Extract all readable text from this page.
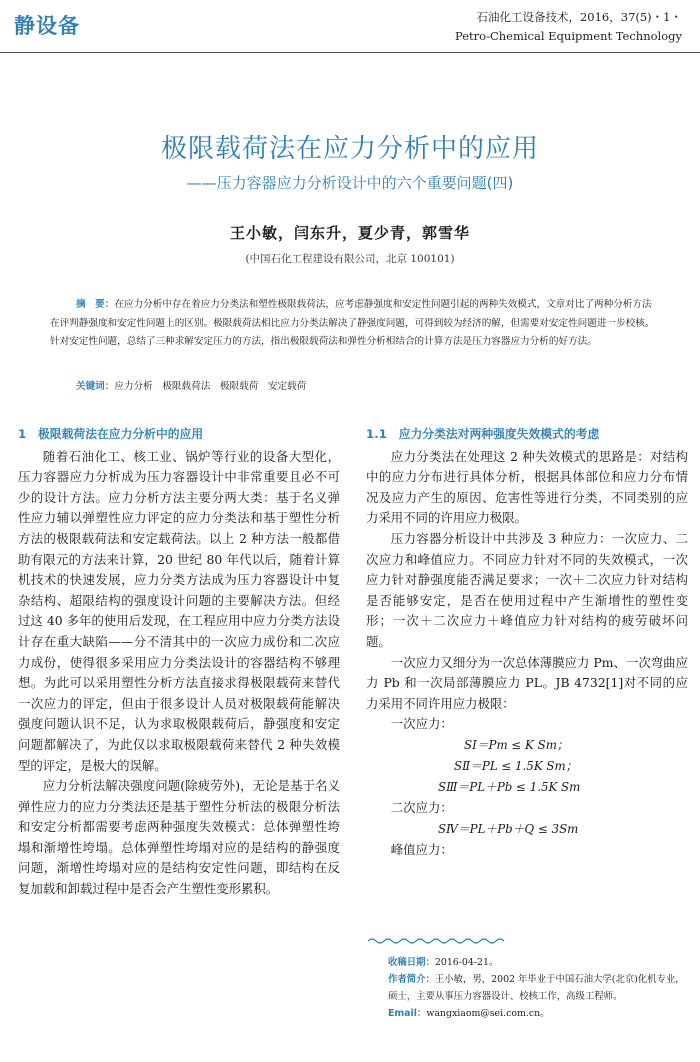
静设备	石油化工设备技术，2016，37(5)・1・
Petro-Chemical Equipment Technology
极限载荷法在应力分析中的应用
——压力容器应力分析设计中的六个重要问题(四)
王小敏，闫东升，夏少青，郭雪华
(中国石化工程建设有限公司，北京 100101)
摘　要：在应力分析中存在着应力分类法和塑性极限载荷法，应考虑静强度和安定性问题引起的两种失效模式，文章对比了两种分析方法在评判静强度和安定性问题上的区别。极限载荷法相比应力分类法解决了静强度问题，可得到较为经济的解，但需要对安定性问题进一步校核。针对安定性问题，总结了三种求解安定压力的方法，指出极限载荷法和弹性分析相结合的计算方法是压力容器应力分析的好方法。
关键词：应力分析　极限载荷法　极限载荷　安定载荷
1　极限载荷法在应力分析中的应用

随着石油化工、核工业、锅炉等行业的设备大型化，压力容器应力分析成为压力容器设计中非常重要且必不可少的设计方法。应力分析方法主要分两大类：基于名义弹性应力辅以弹塑性应力评定的应力分类法和基于塑性分析方法的极限载荷法和安定载荷法。以上 2 种方法一般都借助有限元的方法来计算，20 世纪 80 年代以后，随着计算机技术的快速发展，应力分类方法成为压力容器设计中复杂结构、超限结构的强度设计问题的主要解决方法。但经过这 40 多年的使用后发现，在工程应用中应力分类方法设计存在重大缺陷——分不清其中的一次应力成份和二次应力成份，使得很多采用应力分类法设计的容器结构不够理想。为此可以采用塑性分析方法直接求得极限载荷来替代一次应力的评定，但由于很多设计人员对极限载荷能解决强度问题认识不足，认为求取极限载荷后，静强度和安定问题都解决了，为此仅以求取极限载荷来替代 2 种失效模型的评定，是极大的误解。

应力分析法解决强度问题(除疲劳外)，无论是基于名义弹性应力的应力分类法还是基于塑性分析法的极限分析法和安定分析都需要考虑两种强度失效模式：总体弹塑性垮塌和渐增性垮塌。总体弹塑性垮塌对应的是结构的静强度问题，渐增性垮塌对应的是结构安定性问题，即结构在反复加载和卸载过程中是否会产生塑性变形累积。

1.1　应力分类法对两种强度失效模式的考虑

应力分类法在处理这 2 种失效模式的思路是：对结构中的应力分布进行具体分析，根据具体部位和应力分布情况及应力产生的原因、危害性等进行分类，不同类别的应力采用不同的许用应力极限。

压力容器分析设计中共涉及 3 种应力：一次应力、二次应力和峰值应力。不同应力针对不同的失效模式，一次应力针对静强度能否满足要求；一次＋二次应力针对结构是否能够安定，是否在使用过程中产生渐增性的塑性变形；一次＋二次应力＋峰值应力针对结构的疲劳破坏问题。

一次应力又细分为一次总体薄膜应力 Pm、一次弯曲应力 Pb 和一次局部薄膜应力 PL。JB 4732[1]对不同的应力采用不同许用应力极限：

一次应力：

SⅠ＝Pm ≤ K Sm；

SⅡ＝PL ≤ 1.5K Sm；

SⅢ＝PL＋Pb ≤ 1.5K Sm

二次应力：

SⅣ＝PL＋Pb＋Q ≤ 3Sm

峰值应力：

收稿日期：2016-04-21。
作者简介：王小敏，男，2002 年毕业于中国石油大学(北京)化机专业，硕士，主要从事压力容器设计、校核工作，高级工程师。
Email：wangxiaom@sei.com.cn。
